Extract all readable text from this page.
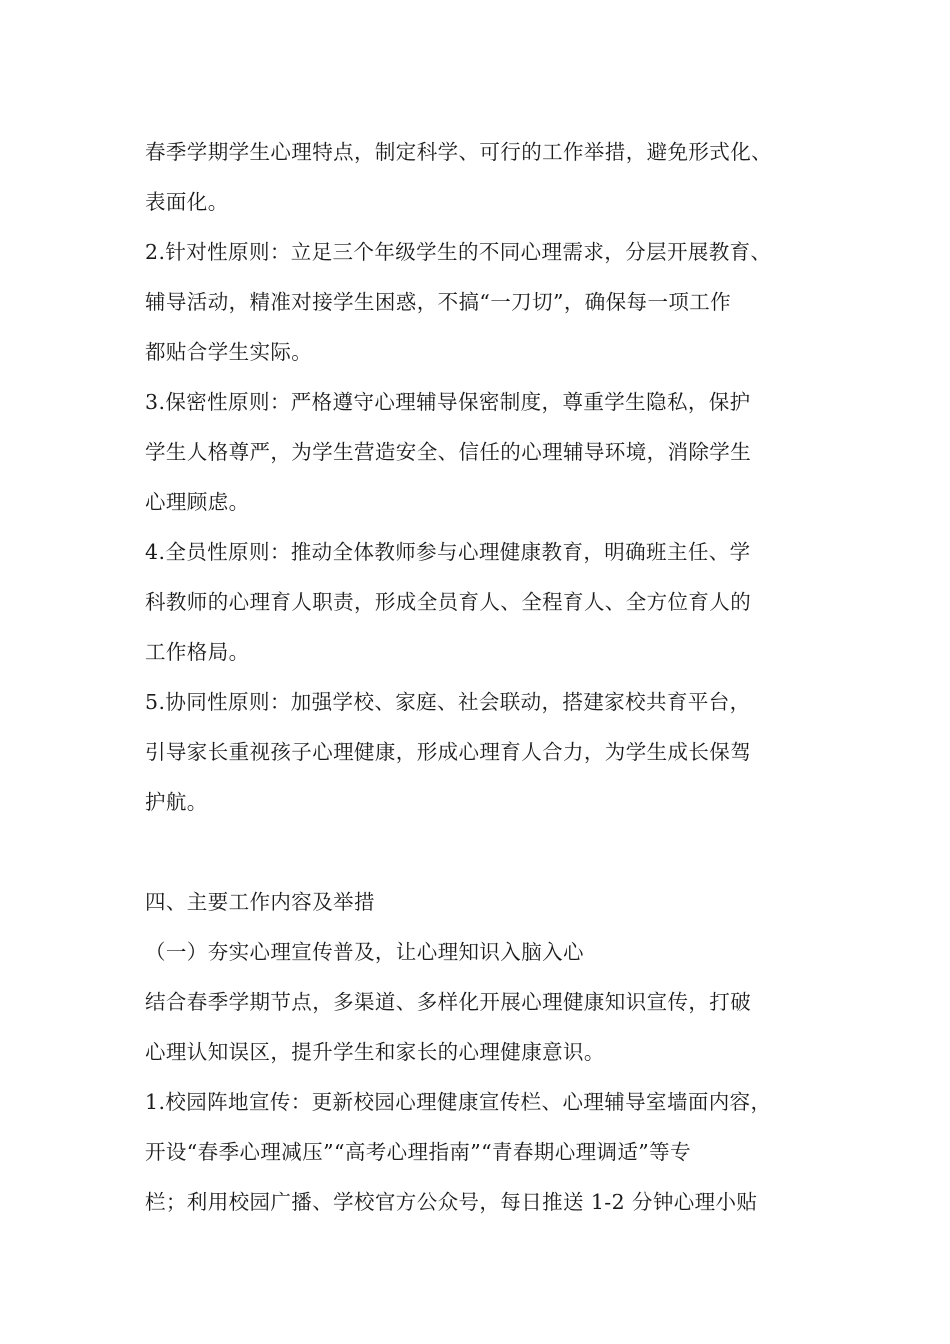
春季学期学生心理特点，制定科学、可行的工作举措，避免形式化、
表面化。
2.针对性原则：立足三个年级学生的不同心理需求，分层开展教育、
辅导活动，精准对接学生困惑，不搞“一刀切”，确保每一项工作
都贴合学生实际。
3.保密性原则：严格遵守心理辅导保密制度，尊重学生隐私，保护
学生人格尊严，为学生营造安全、信任的心理辅导环境，消除学生
心理顾虑。
4.全员性原则：推动全体教师参与心理健康教育，明确班主任、学
科教师的心理育人职责，形成全员育人、全程育人、全方位育人的
工作格局。
5.协同性原则：加强学校、家庭、社会联动，搭建家校共育平台，
引导家长重视孩子心理健康，形成心理育人合力，为学生成长保驾
护航。
四、主要工作内容及举措
（一）夯实心理宣传普及，让心理知识入脑入心
结合春季学期节点，多渠道、多样化开展心理健康知识宣传，打破
心理认知误区，提升学生和家长的心理健康意识。
1.校园阵地宣传：更新校园心理健康宣传栏、心理辅导室墙面内容，
开设“春季心理减压”“高考心理指南”“青春期心理调适”等专
栏；利用校园广播、学校官方公众号，每日推送 1-2 分钟心理小贴
